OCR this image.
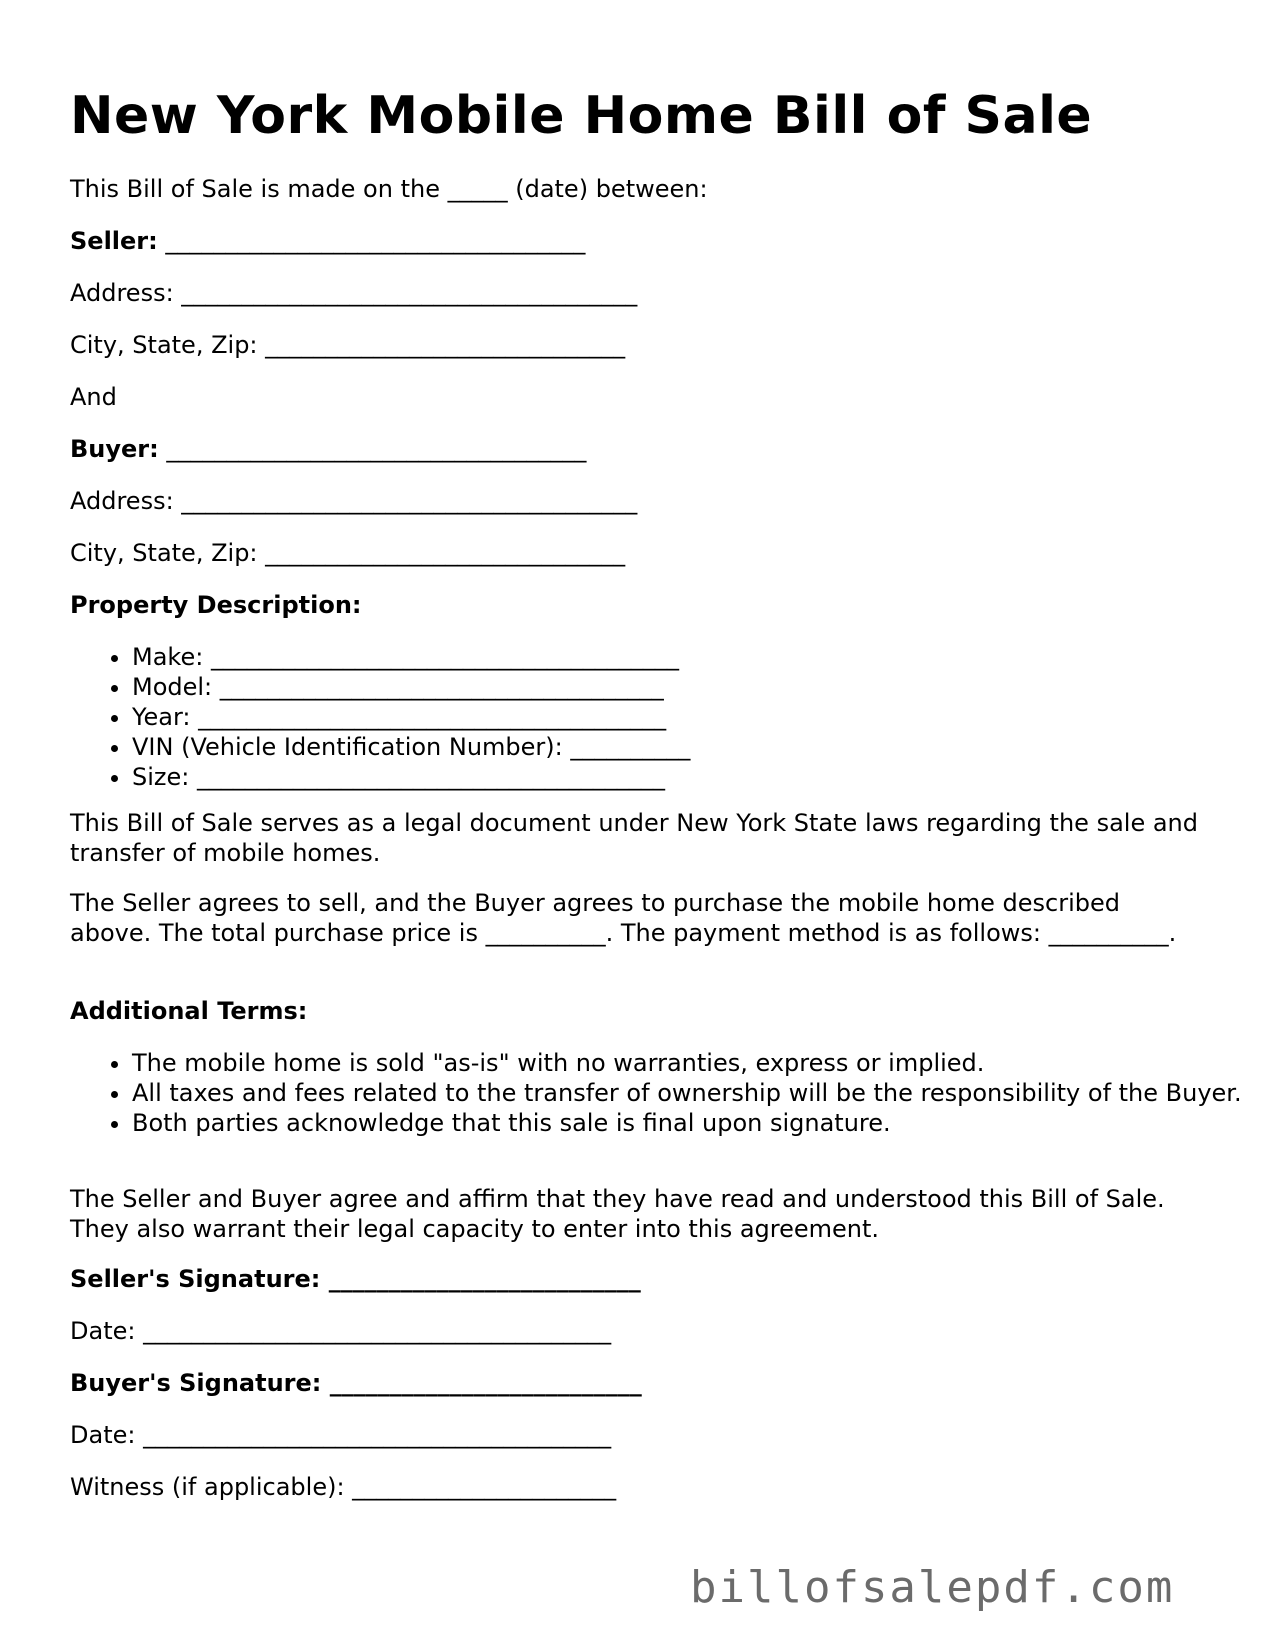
New York Mobile Home Bill of Sale
This Bill of Sale is made on the _____ (date) between:
Seller: ___________________________________
Address: ______________________________________
City, State, Zip: ______________________________
And
Buyer: ___________________________________
Address: ______________________________________
City, State, Zip: ______________________________
Property Description:
• Make: _______________________________________
• Model: _____________________________________
• Year: _______________________________________
• VIN (Vehicle Identification Number): __________
• Size: _______________________________________

This Bill of Sale serves as a legal document under New York State laws regarding the sale and transfer of mobile homes.

The Seller agrees to sell, and the Buyer agrees to purchase the mobile home described above. The total purchase price is __________. The payment method is as follows: __________.

Additional Terms:
• The mobile home is sold "as-is" with no warranties, express or implied.
• All taxes and fees related to the transfer of ownership will be the responsibility of the Buyer.
• Both parties acknowledge that this sale is final upon signature.

The Seller and Buyer agree and affirm that they have read and understood this Bill of Sale. They also warrant their legal capacity to enter into this agreement.

Seller's Signature: __________________________
Date: _______________________________________
Buyer's Signature: __________________________
Date: _______________________________________
Witness (if applicable): ______________________
billofsalepdf.com
